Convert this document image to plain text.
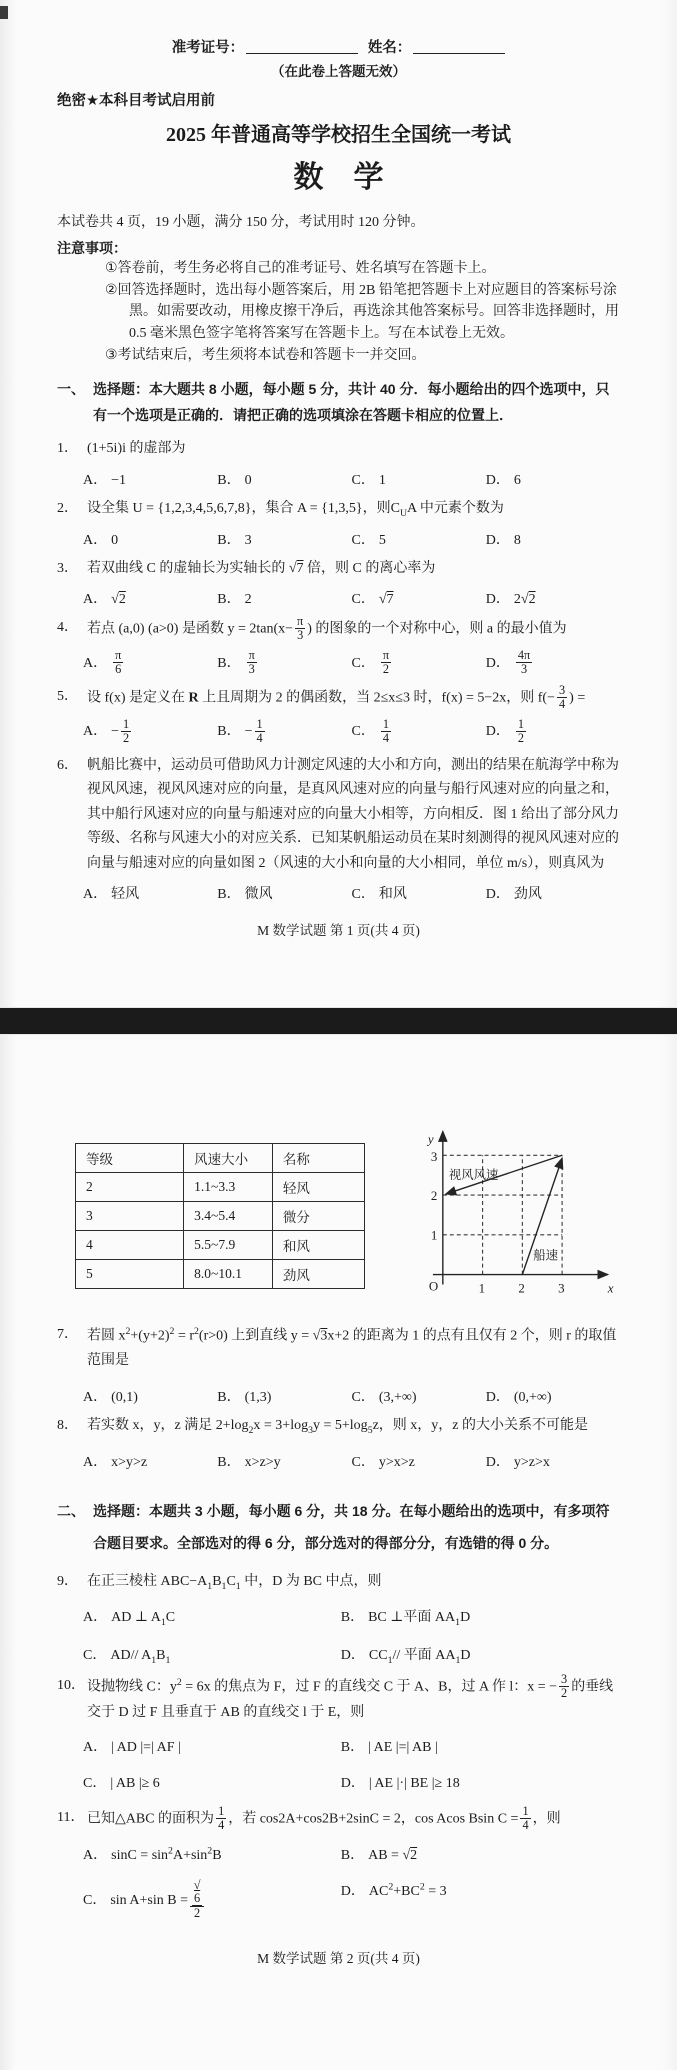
准考证号：	姓名：
（在此卷上答题无效）
绝密★本科目考试启用前
2025 年普通高等学校招生全国统一考试
数　学

本试卷共 4 页，19 小题，满分 150 分，考试用时 120 分钟。

注意事项：

①答卷前，考生务必将自己的准考证号、姓名填写在答题卡上。

②回答选择题时，选出每小题答案后，用 2B 铅笔把答题卡上对应题目的答案标号涂黑。如需要改动，用橡皮擦干净后，再选涂其他答案标号。回答非选择题时，用 0.5 毫米黑色签字笔将答案写在答题卡上。写在本试卷上无效。

③考试结束后，考生须将本试卷和答题卡一并交回。

一、 选择题：本大题共 8 小题，每小题 5 分，共计 40 分．每小题给出的四个选项中，只有一个选项是正确的．请把正确的选项填涂在答题卡相应的位置上．
1． (1+5i)i 的虚部为
A． −1	B． 0	C． 1	D． 6
2． 设全集 U = {1,2,3,4,5,6,7,8}，集合 A = {1,3,5}，则$C_UA$ 中元素个数为
A． 0	B． 3	C． 5	D． 8
3． 若双曲线 C 的虚轴长为实轴长的 √7 倍，则 C 的离心率为
A． √2	B． 2	C． √7	D． 2√2
4． 若点 (a,0) (a>0) 是函数 $y = 2\tan(x- \frac{\pi}{3}$ ) 的图象的一个对称中心，则 a 的最小值为
A． $\frac{\pi}{6}$	B． $\frac{\pi}{3}$	C． $\frac{\pi}{2}$	D． $\frac{4\pi}{3}$
5． 设 f(x) 是定义在 R 上且周期为 2 的偶函数，当 2≤x≤3 时，f(x) = 5−2x，则 $f(- \frac{3}{4}$ ) =
A． − $\frac{1}{2}$	B． − $\frac{1}{4}$	C． $\frac{1}{4}$	D． $\frac{1}{2}$
6． 帆船比赛中，运动员可借助风力计测定风速的大小和方向，测出的结果在航海学中称为视风风速，视风风速对应的向量，是真风风速对应的向量与船行风速对应的向量之和，其中船行风速对应的向量与船速对应的向量大小相等，方向相反．图 1 给出了部分风力等级、名称与风速大小的对应关系．已知某帆船运动员在某时刻测得的视风风速对应的向量与船速对应的向量如图 2（风速的大小和向量的大小相同，单位 m/s），则真风为
A． 轻风	B． 微风	C． 和风	D． 劲风

M 数学试题 第 1 页(共 4 页)

等级	风速大小	名称
2	1.1~3.3	轻风
3	3.4~5.4	微分
4	5.5~7.9	和风
5	8.0~10.1	劲风
y
3
2
1
O	1	2	3	x
视风风速
船速
7． 若圆 $x^2+(y+2)^2 = r^2(r>0)$ 上到直线 y = √3x+2 的距离为 1 的点有且仅有 2 个，则 r 的取值范围是
A． (0,1)	B． (1,3)	C． (3,+∞)	D． (0,+∞)
8． 若实数 x，y，z 满足 $2+\log_2x = 3+\log_3y = 5+\log_5z$，则 x，y，z 的大小关系不可能是
A． x>y>z	B． x>z>y	C． y>x>z	D． y>z>x
二、 选择题：本题共 3 小题，每小题 6 分，共 18 分。在每小题给出的选项中，有多项符合题目要求。全部选对的得 6 分，部分选对的得部分分，有选错的得 0 分。
9． 在正三棱柱 $ABC-A_1B_1C_1$ 中，D 为 BC 中点，则
A． AD ⊥ $A_1C$	B． BC ⊥平面 $AA_1D$
C． AD// $A_1B_1$	D． $CC_1//$ 平面 $AA_1D$
10． 设抛物线 C：$y^2 = 6x$ 的焦点为 F，过 F 的直线交 C 于 A、B，过 A 作 l：x = − $\frac{3}{2}$ 的垂线交于 D 过 F 且垂直于 AB 的直线交 l 于 E，则
A． | AD |=| AF |	B． | AE |=| AB |
C． | AB |≥ 6	D． | AE |·| BE |≥ 18
11． 已知△ABC 的面积为 $\frac{1}{4}$ ，若 cos2A+cos2B+2sinC = 2，cos Acos Bsin $C = \frac{1}{4}$ ，则
A． $\sin C = \sin^2A+\sin^2B$	B． AB = √2
C． sin A+sin B = √
6
2	D． $AC^2+BC^2 = 3$

M 数学试题 第 2 页(共 4 页)
